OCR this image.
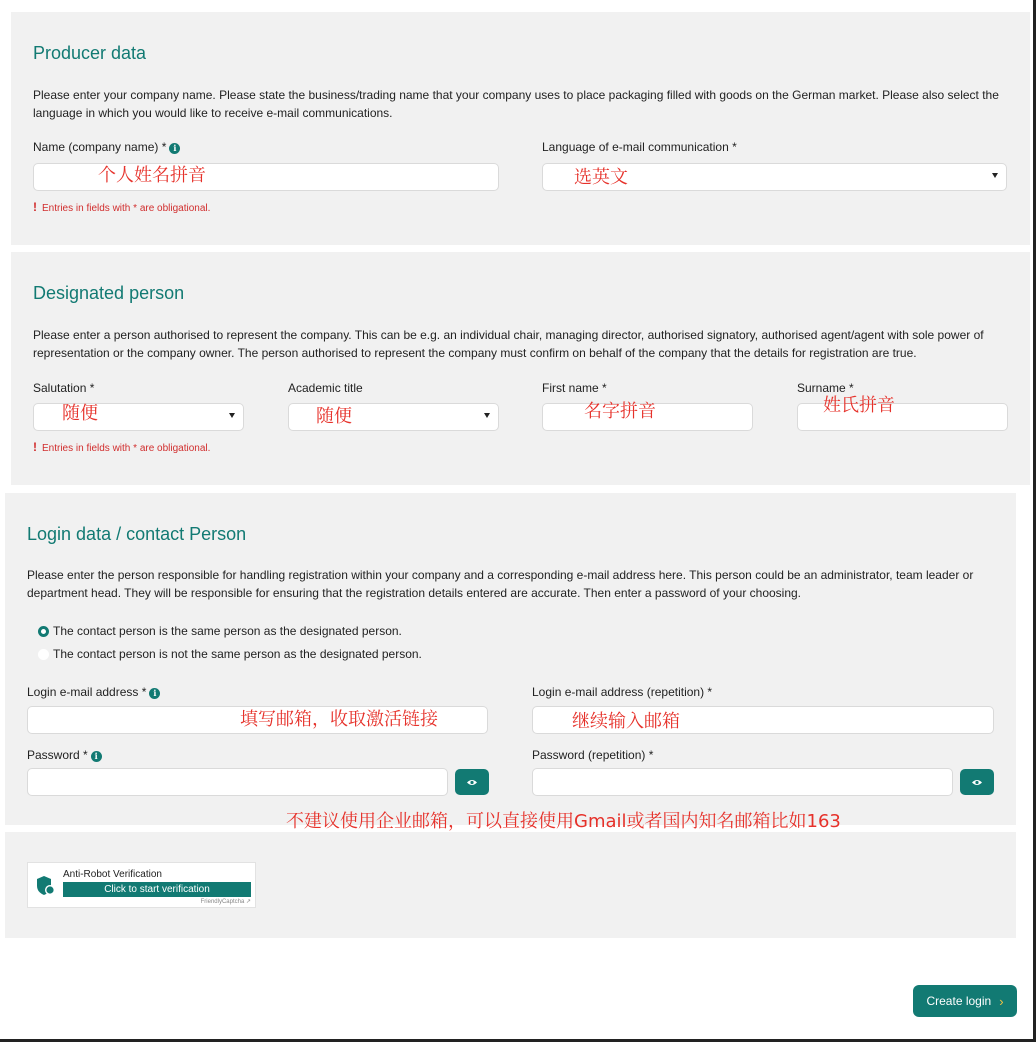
Producer data

Please enter your company name. Please state the business/trading name that your company uses to place packaging filled with goods on the German market. Please also select the language in which you would like to receive e-mail communications.

Name (company name) * i	Language of e-mail communication *
! Entries in fields with * are obligational.
Designated person

Please enter a person authorised to represent the company. This can be e.g. an individual chair, managing director, authorised signatory, authorised agent/agent with sole power of representation or the company owner. The person authorised to represent the company must confirm on behalf of the company that the details for registration are true.

Salutation *	Academic title	First name *	Surname *
! Entries in fields with * are obligational.
Login data / contact Person

Please enter the person responsible for handling registration within your company and a corresponding e-mail address here. This person could be an administrator, team leader or department head. They will be responsible for ensuring that the registration details entered are accurate. Then enter a password of your choosing.

The contact person is the same person as the designated person.
The contact person is not the same person as the designated person.
Login e-mail address * i	Login e-mail address (repetition) *
Password * i	Password (repetition) *
Anti-Robot Verification
Click to start verification
FriendlyCaptcha ↗
Create login ›
个人姓名拼音	选英文
随便	随便	名字拼音	姓氏拼音
填写邮箱，收取激活链接	继续输入邮箱
不建议使用企业邮箱，可以直接使用Gmail或者国内知名邮箱比如163
